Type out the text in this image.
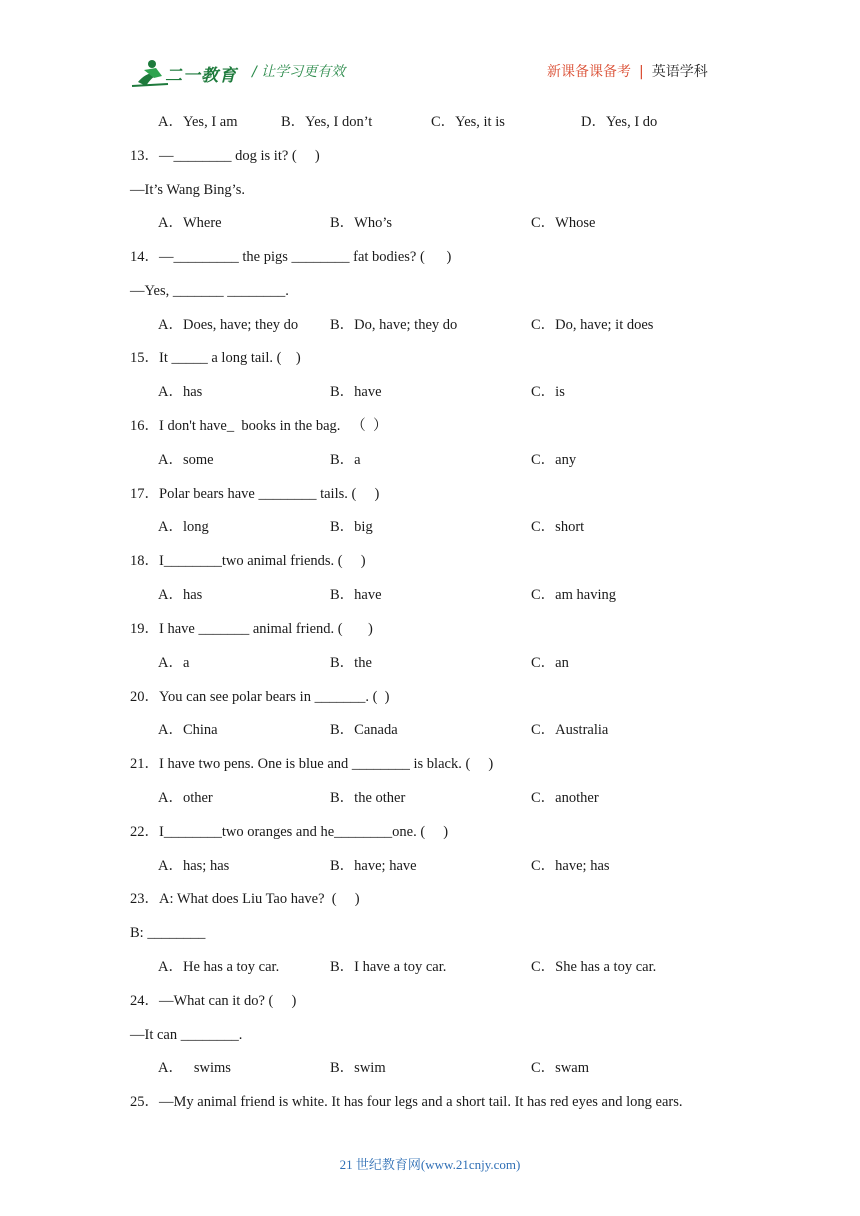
二一教育 / 让学习更有效	新课备课备考 | 英语学科
A．Yes, I am	B．Yes, I don’t	C．Yes, it is	D．Yes, I do
13．—________ dog is it? (     )
—It’s Wang Bing’s.
A．Where	B．Who’s	C．Whose
14．—_________ the pigs ________ fat bodies? (      )
—Yes, _______ ________.
A．Does, have; they do B．Do, have; they do	C．Do, have; it does
15．It _____ a long tail. (    )
A．has	B．have	C．is
16．I don't have_  books in the bag.   （  ）
A．some	B．a	C．any
17．Polar bears have ________ tails. (     )
A．long	B．big	C．short
18．I________two animal friends. (     )
A．has	B．have	C．am having
19．I have _______ animal friend. (       )
A．a	B．the	C．an
20．You can see polar bears in _______. (  )
A．China	B．Canada	C．Australia
21．I have two pens. One is blue and ________ is black. (     )
A．other	B．the other	C．another
22．I________two oranges and he________one. (     )
A．has; has	B．have; have	C．have; has
23．A: What does Liu Tao have?  (     )
B: ________
A．He has a toy car.	B．I have a toy car.	C．She has a toy car.
24．—What can it do? (     )
—It can ________.
A．   swims	B．swim	C．swam
25．—My animal friend is white. It has four legs and a short tail. It has red eyes and long ears.
21 世纪教育网(www.21cnjy.com)
